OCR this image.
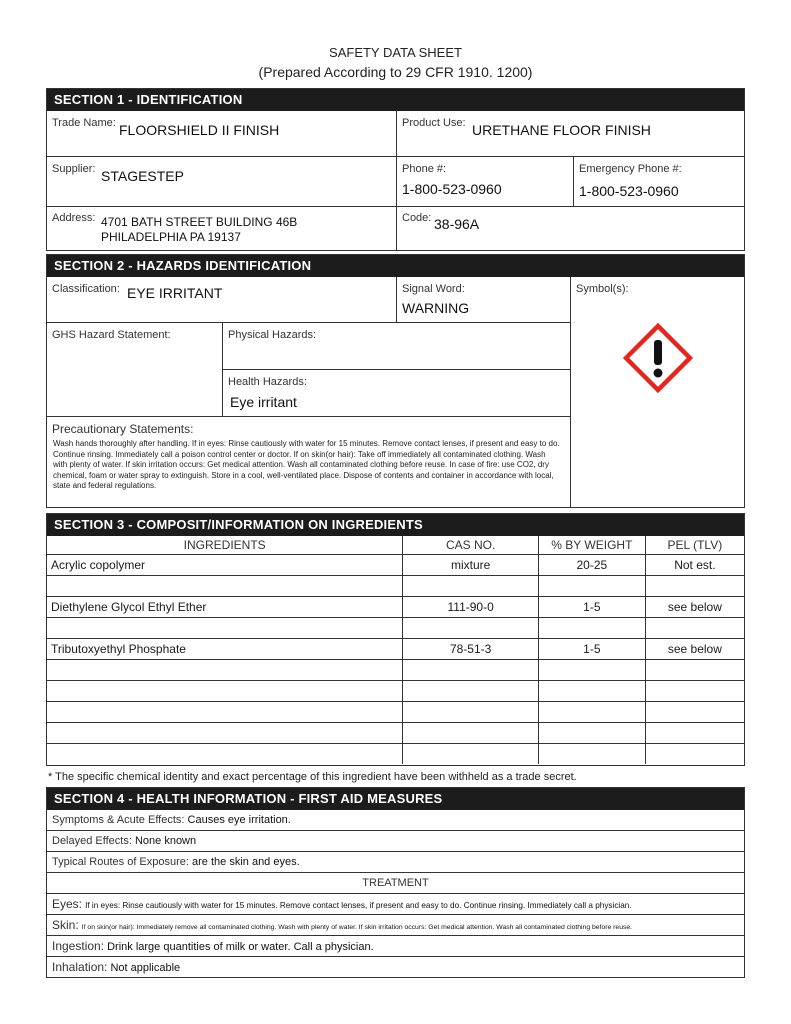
SAFETY DATA SHEET
(Prepared According to 29 CFR 1910. 1200)
SECTION 1 - IDENTIFICATION
Trade Name: FLOORSHIELD II FINISH	Product Use: URETHANE FLOOR FINISH
Supplier: STAGESTEP	Phone #:
1-800-523-0960
Emergency Phone #:
1-800-523-0960
Address: 4701 BATH STREET BUILDING 46B
PHILADELPHIA PA 19137
Code: 38-96A
SECTION 2 - HAZARDS IDENTIFICATION
Classification: EYE IRRITANT	Signal Word:
WARNING
Symbol(s):
GHS Hazard Statement:	Physical Hazards:
Health Hazards:
Eye irritant
Precautionary Statements:
Wash hands thoroughly after handling. If in eyes: Rinse cautiously with water for 15 minutes. Remove contact lenses, if present and easy to do. Continue rinsing. Immediately call a poison control center or doctor. If on skin(or hair): Take off immediately all contaminated clothing. Wash with plenty of water. If skin irritation occurs: Get medical attention. Wash all contaminated clothing before reuse. In case of fire: use CO2, dry chemical, foam or water spray to extinguish. Store in a cool, well-ventilated place. Dispose of contents and container in accordance with local, state and federal regulations.
SECTION 3 - COMPOSIT/INFORMATION ON INGREDIENTS
INGREDIENTS	CAS NO.	% BY WEIGHT	PEL (TLV)
Acrylic copolymer	mixture	20-25	Not est.

Diethylene Glycol Ethyl Ether	111-90-0	1-5	see below

Tributoxyethyl Phosphate	78-51-3	1-5	see below

* The specific chemical identity and exact percentage of this ingredient have been withheld as a trade secret.
SECTION 4 - HEALTH INFORMATION - FIRST AID MEASURES
Symptoms & Acute Effects: Causes eye irritation.
Delayed Effects: None known
Typical Routes of Exposure: are the skin and eyes.
TREATMENT
Eyes: If in eyes: Rinse cautiously with water for 15 minutes. Remove contact lenses, if present and easy to do. Continue rinsing. Immediately call a physician.
Skin: If on skin(or hair): Immediately remove all contaminated clothing. Wash with plenty of water. If skin irritation occurs: Get medical attention. Wash all contaminated clothing before reuse.
Ingestion: Drink large quantities of milk or water. Call a physician.
Inhalation: Not applicable
